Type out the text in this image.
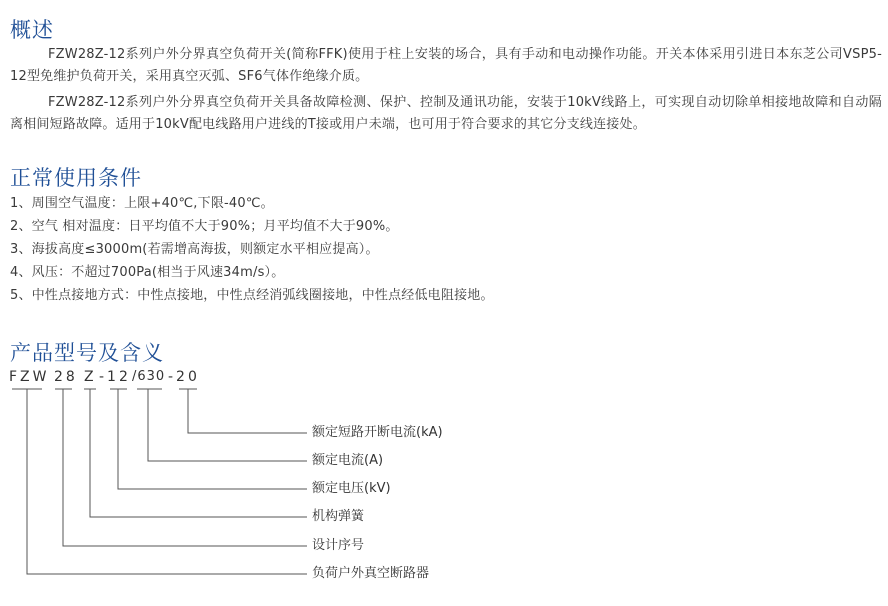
概述

FZW28Z-12系列户外分界真空负荷开关(简称FFK)使用于柱上安装的场合，具有手动和电动操作功能。开关本体采用引进日本东芝公司VSP5-12型免维护负荷开关，采用真空灭弧、SF6气体作绝缘介质。

FZW28Z-12系列户外分界真空负荷开关具备故障检测、保护、控制及通讯功能，安装于10kV线路上，可实现自动切除单相接地故障和自动隔离相间短路故障。适用于10kV配电线路用户进线的T接或用户未端，也可用于符合要求的其它分支线连接处。

正常使用条件

1、周围空气温度：上限+40℃,下限-40℃。

2、空气 相对温度：日平均值不大于90%；月平均值不大于90%。

3、海拔高度≤3000m(若需增高海拔，则额定水平相应提高）。

4、风压：不超过700Pa(相当于风速34m/s）。

5、中性点接地方式：中性点接地，中性点经消弧线圈接地，中性点经低电阻接地。

产品型号及含义
FZW 28 Z -12 /630 -20
额定短路开断电流(kA)
额定电流(A)
额定电压(kV)
机构弹簧
设计序号
负荷户外真空断路器
